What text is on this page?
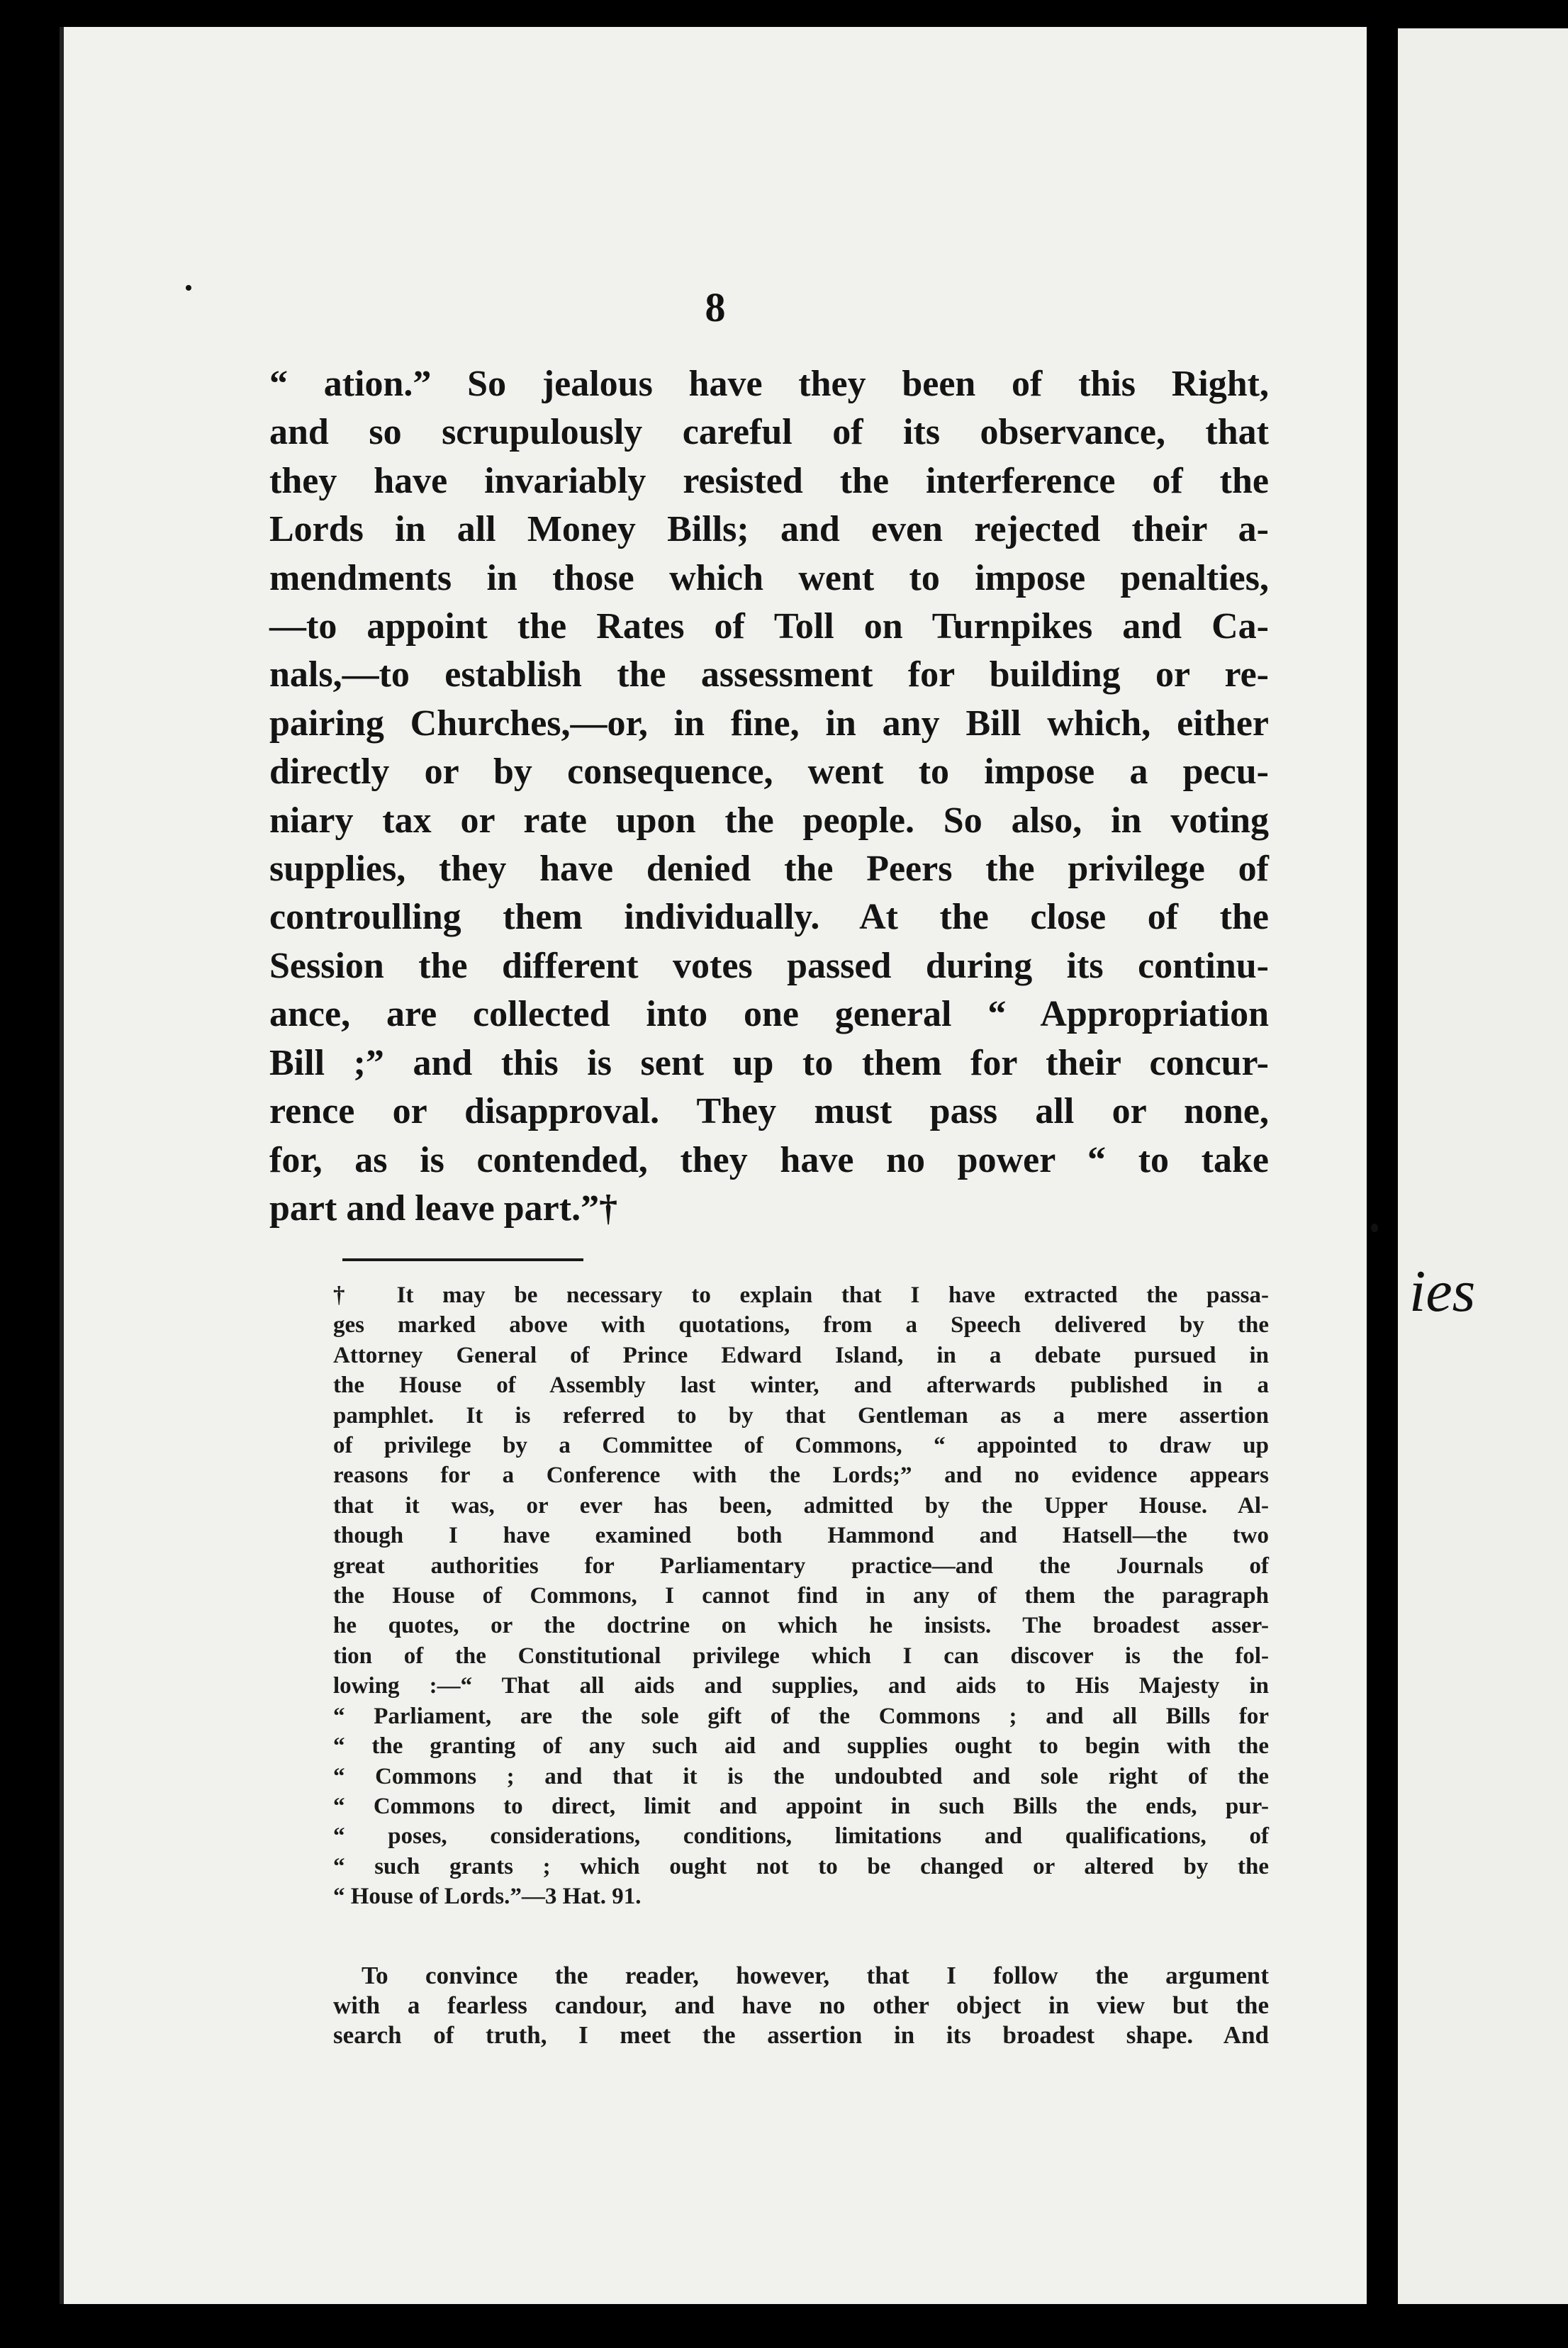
8

“ ation.” So jealous have they been of this Right,
and so scrupulously careful of its observance, that
they have invariably resisted the interference of the
Lords in all Money Bills; and even rejected their a-
mendments in those which went to impose penalties,
—to appoint the Rates of Toll on Turnpikes and Ca-
nals,—to establish the assessment for building or re-
pairing Churches,—or, in fine, in any Bill which, either
directly or by consequence, went to impose a pecu-
niary tax or rate upon the people. So also, in voting
supplies, they have denied the Peers the privilege of
controulling them individually. At the close of the
Session the different votes passed during its continu-
ance, are collected into one general “ Appropriation
Bill ;” and this is sent up to them for their concur-
rence or disapproval. They must pass all or none,
for, as is contended, they have no power “ to take
part and leave part.”†

† It may be necessary to explain that I have extracted the passa-
ges marked above with quotations, from a Speech delivered by the
Attorney General of Prince Edward Island, in a debate pursued in
the House of Assembly last winter, and afterwards published in a
pamphlet. It is referred to by that Gentleman as a mere assertion
of privilege by a Committee of Commons, “ appointed to draw up
reasons for a Conference with the Lords;” and no evidence appears
that it was, or ever has been, admitted by the Upper House. Al-
though I have examined both Hammond and Hatsell—the two
great authorities for Parliamentary practice—and the Journals of
the House of Commons, I cannot find in any of them the paragraph
he quotes, or the doctrine on which he insists. The broadest asser-
tion of the Constitutional privilege which I can discover is the fol-
lowing :—“ That all aids and supplies, and aids to His Majesty in
“ Parliament, are the sole gift of the Commons ; and all Bills for
“ the granting of any such aid and supplies ought to begin with the
“ Commons ; and that it is the undoubted and sole right of the
“ Commons to direct, limit and appoint in such Bills the ends, pur-
“ poses, considerations, conditions, limitations and qualifications, of
“ such grants ; which ought not to be changed or altered by the
“ House of Lords.”—3 Hat. 91.

To convince the reader, however, that I follow the argument
with a fearless candour, and have no other object in view but the
search of truth, I meet the assertion in its broadest shape. And

ies
